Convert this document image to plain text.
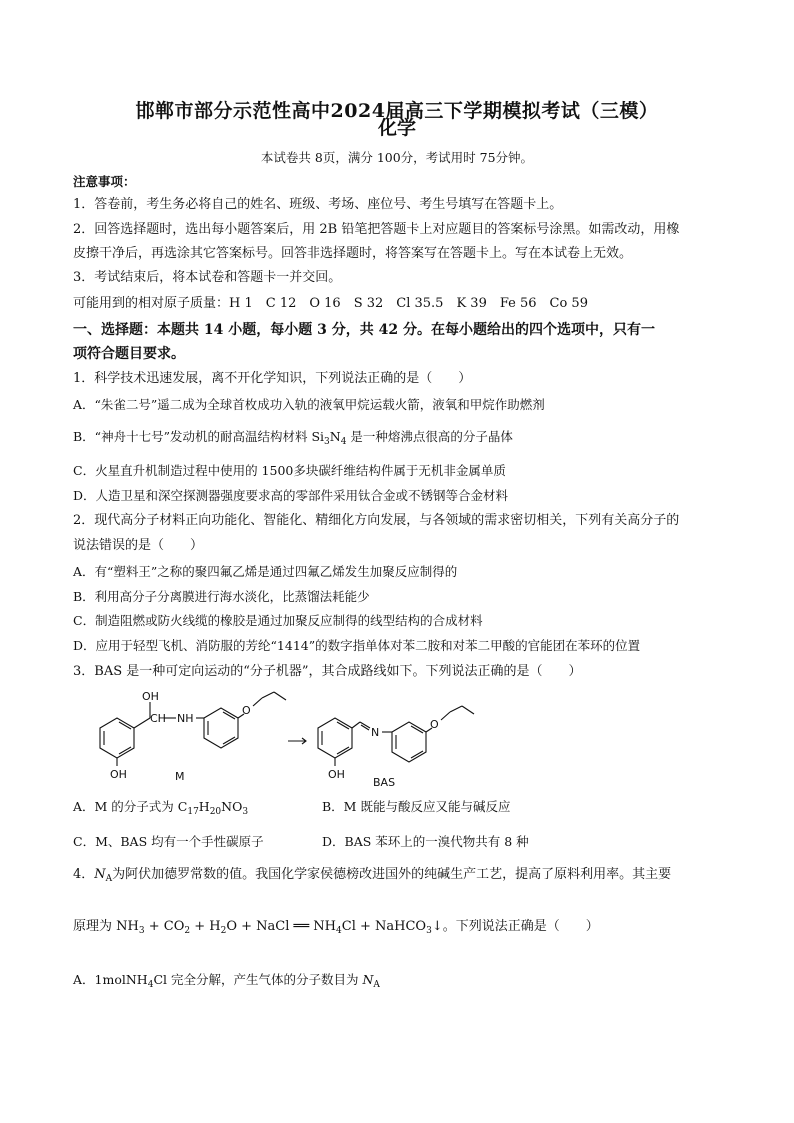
邯郸市部分示范性高中2024届高三下学期模拟考试（三模）
化学
本试卷共 8页，满分 100分，考试用时 75分钟。
注意事项：
1．答卷前，考生务必将自己的姓名、班级、考场、座位号、考生号填写在答题卡上。
2．回答选择题时，选出每小题答案后，用 2B 铅笔把答题卡上对应题目的答案标号涂黑。如需改动，用橡
皮擦干净后，再选涂其它答案标号。回答非选择题时，将答案写在答题卡上。写在本试卷上无效。
3．考试结束后，将本试卷和答题卡一并交回。
可能用到的相对原子质量：H 1　C 12　O 16　S 32　Cl 35.5　K 39　Fe 56　Co 59
一、选择题：本题共 14 小题，每小题 3 分，共 42 分。在每小题给出的四个选项中，只有一
项符合题目要求。
1．科学技术迅速发展，离不开化学知识，下列说法正确的是（　　）
A．“朱雀二号”遥二成为全球首枚成功入轨的液氧甲烷运载火箭，液氧和甲烷作助燃剂
B．“神舟十七号”发动机的耐高温结构材料 $Si_3N_4$ 是一种熔沸点很高的分子晶体
C．火星直升机制造过程中使用的 1500多块碳纤维结构件属于无机非金属单质
D．人造卫星和深空探测器强度要求高的零部件采用钛合金或不锈钢等合金材料
2．现代高分子材料正向功能化、智能化、精细化方向发展，与各领域的需求密切相关，下列有关高分子的
说法错误的是（　　）
A．有“塑料王”之称的聚四氟乙烯是通过四氟乙烯发生加聚反应制得的
B．利用高分子分离膜进行海水淡化，比蒸馏法耗能少
C．制造阻燃或防火线缆的橡胶是通过加聚反应制得的线型结构的合成材料
D．应用于轻型飞机、消防服的芳纶“1414”的数字指单体对苯二胺和对苯二甲酸的官能团在苯环的位置
3．BAS 是一种可定向运动的“分子机器”，其合成路线如下。下列说法正确的是（　　）
OH
CH NH
O
OH	M
N
O
OH
BAS
A．M 的分子式为 $C_{17}H_{20}NO_3$	B．M 既能与酸反应又能与碱反应
C．M、BAS 均有一个手性碳原子	D．BAS 苯环上的一溴代物共有 8 种
4．$N_A$为阿伏加德罗常数的值。我国化学家侯德榜改进国外的纯碱生产工艺，提高了原料利用率。其主要
原理为 $NH_3 + CO_2 + H_2O$ + NaCl ══ $NH_4Cl$ + NaHCO$_3$↓。下列说法正确是（　　）
A．1molNH$_4$Cl 完全分解，产生气体的分子数目为 $N_A$
